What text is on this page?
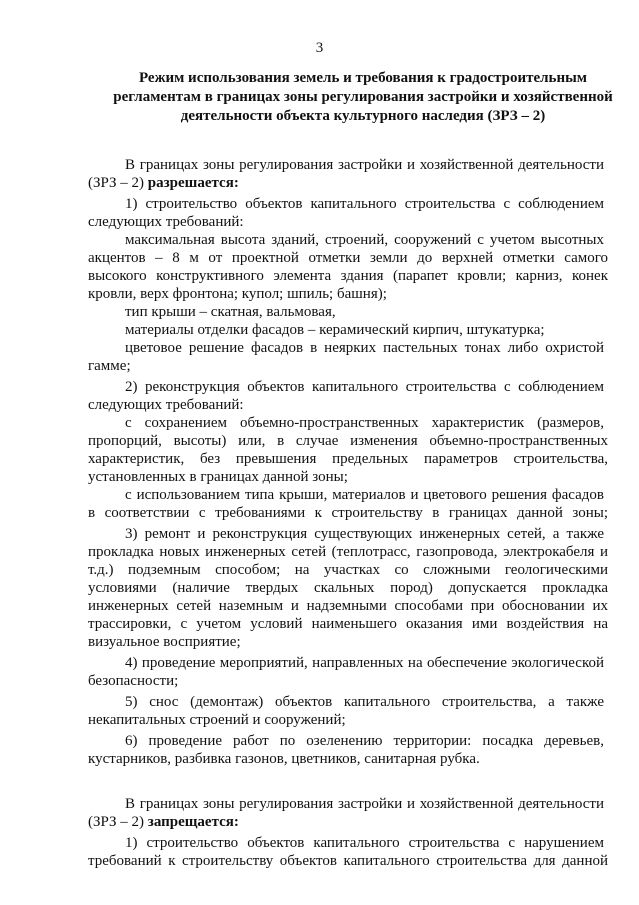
3
Режим использования земель и требования к градостроительным
регламентам в границах зоны регулирования застройки и хозяйственной
деятельности объекта культурного наследия (ЗРЗ – 2)
В границах зоны регулирования застройки и хозяйственной деятельности
(ЗРЗ – 2) разрешается:
1) строительство объектов капитального строительства с соблюдением
следующих требований:
максимальная высота зданий, строений, сооружений с учетом высотных
акцентов – 8 м от проектной отметки земли до верхней отметки самого
высокого конструктивного элемента здания (парапет кровли; карниз, конек
кровли, верх фронтона; купол; шпиль; башня);
тип крыши – скатная, вальмовая,
материалы отделки фасадов – керамический кирпич, штукатурка;
цветовое решение фасадов в неярких пастельных тонах либо охристой
гамме;
2) реконструкция объектов капитального строительства с соблюдением
следующих требований:
с сохранением объемно-пространственных характеристик (размеров,
пропорций, высоты) или, в случае изменения объемно-пространственных
характеристик, без превышения предельных параметров строительства,
установленных в границах данной зоны;
с использованием типа крыши, материалов и цветового решения фасадов
в соответствии с требованиями к строительству в границах данной зоны;
3) ремонт и реконструкция существующих инженерных сетей, а также
прокладка новых инженерных сетей (теплотрасс, газопровода, электрокабеля и
т.д.) подземным способом; на участках со сложными геологическими
условиями (наличие твердых скальных пород) допускается прокладка
инженерных сетей наземным и надземными способами при обосновании их
трассировки, с учетом условий наименьшего оказания ими воздействия на
визуальное восприятие;
4) проведение мероприятий, направленных на обеспечение экологической
безопасности;
5) снос (демонтаж) объектов капитального строительства, а также
некапитальных строений и сооружений;
6) проведение работ по озеленению территории: посадка деревьев,
кустарников, разбивка газонов, цветников, санитарная рубка.
В границах зоны регулирования застройки и хозяйственной деятельности
(ЗРЗ – 2) запрещается:
1) строительство объектов капитального строительства с нарушением
требований к строительству объектов капитального строительства для данной
